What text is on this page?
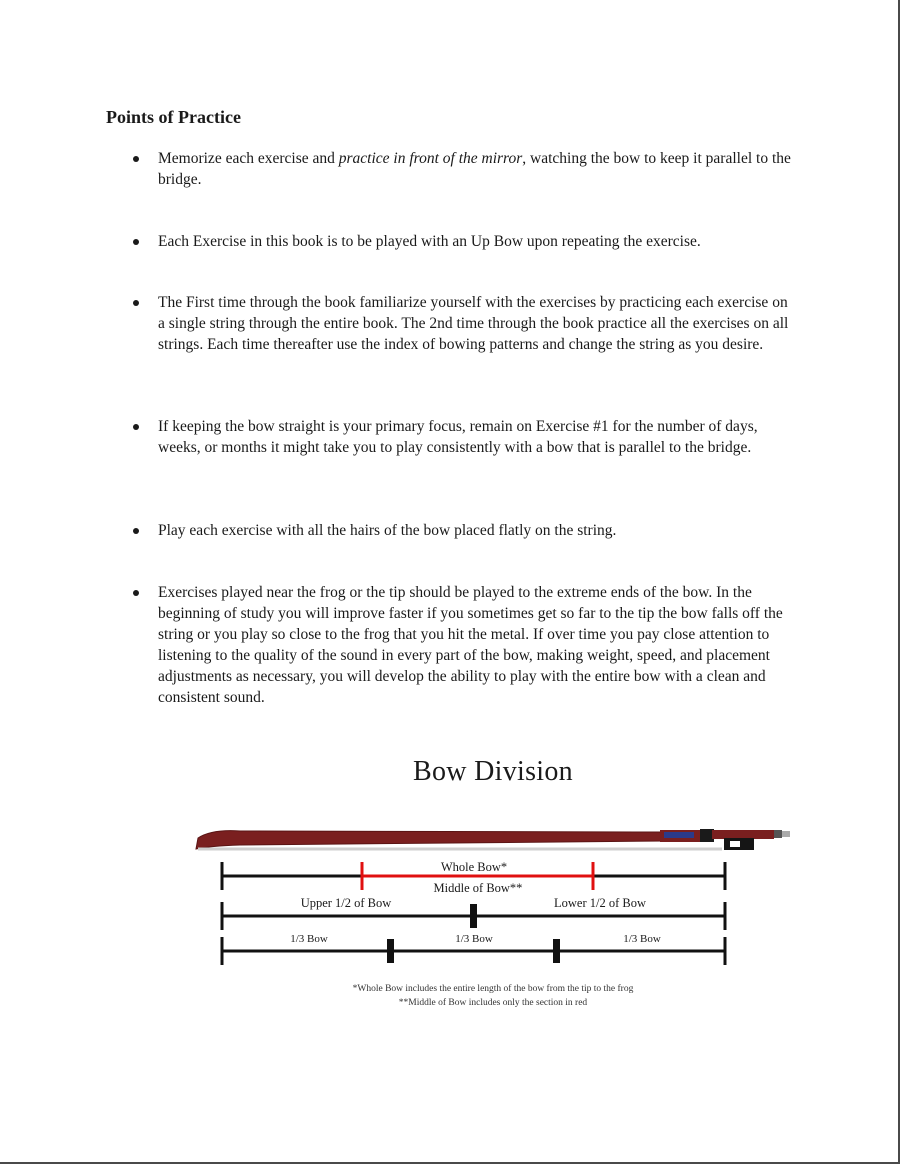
Points of Practice
Memorize each exercise and practice in front of the mirror, watching the bow to keep it parallel to the bridge.
Each Exercise in this book is to be played with an Up Bow upon repeating the exercise.
The First time through the book familiarize yourself with the exercises by practicing each exercise on a single string through the entire book. The 2nd time through the book practice all the exercises on all strings. Each time thereafter use the index of bowing patterns and change the string as you desire.
If keeping the bow straight is your primary focus, remain on Exercise #1 for the number of days, weeks, or months it might take you to play consistently with a bow that is parallel to the bridge.
Play each exercise with all the hairs of the bow placed flatly on the string.
Exercises played near the frog or the tip should be played to the extreme ends of the bow. In the beginning of study you will improve faster if you sometimes get so far to the tip the bow falls off the string or you play so close to the frog that you hit the metal. If over time you pay close attention to listening to the quality of the sound in every part of the bow, making weight, speed, and placement adjustments as necessary, you will develop the ability to play with the entire bow with a clean and consistent sound.
Bow Division
Whole Bow*
Middle of Bow**
Upper 1/2 of Bow	Lower 1/2 of Bow
1/3 Bow	1/3 Bow	1/3 Bow
*Whole Bow includes the entire length of the bow from the tip to the frog
**Middle of Bow includes only the section in red
